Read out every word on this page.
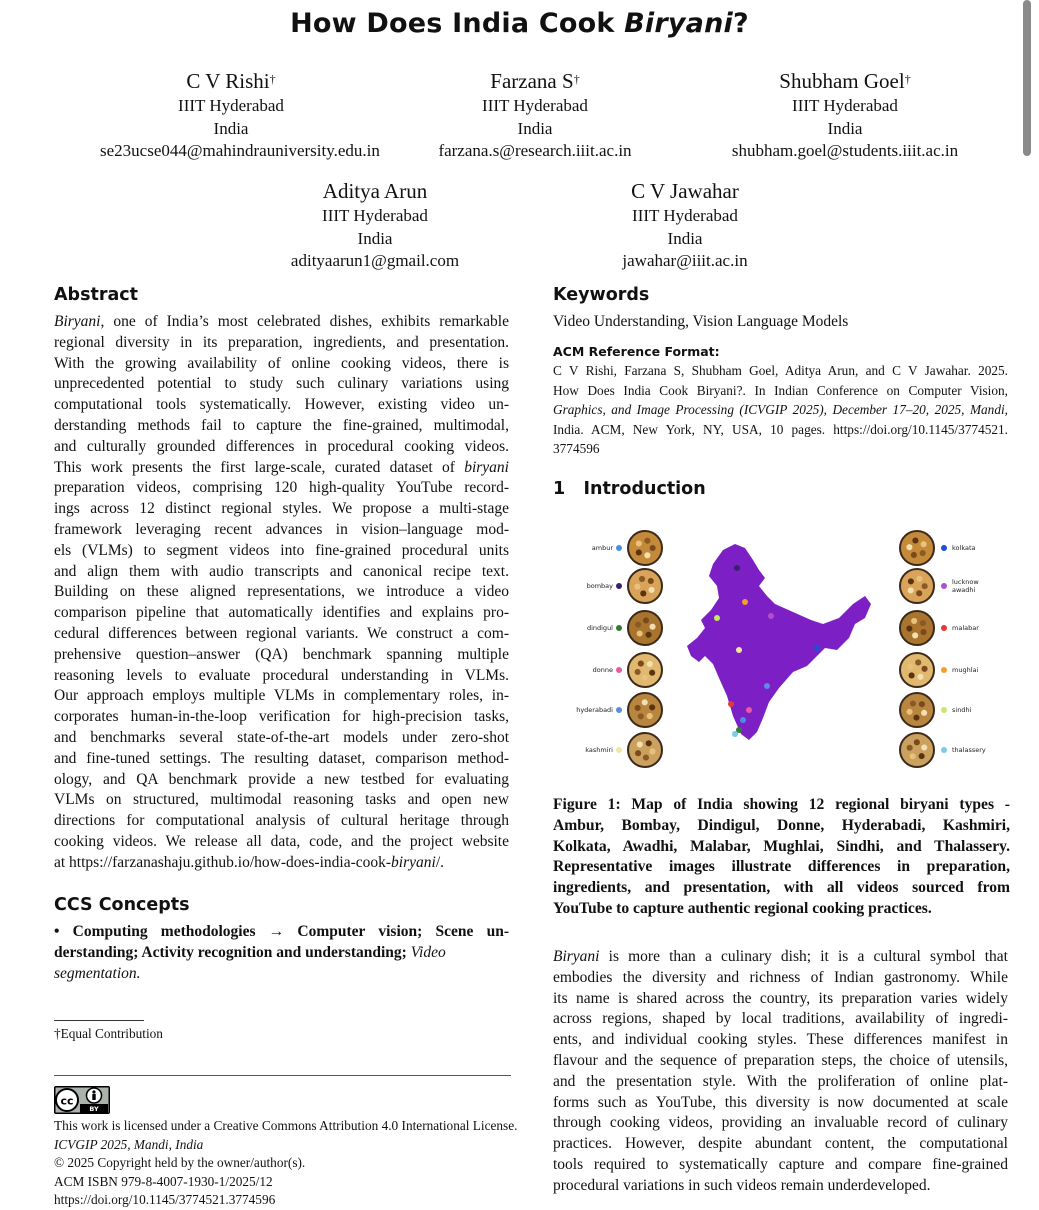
How Does India Cook Biryani?
C V Rishi†
IIIT Hyderabad
India
se23ucse044@mahindrauniversity.edu.in
Farzana S†
IIIT Hyderabad
India
farzana.s@research.iiit.ac.in
Shubham Goel†
IIIT Hyderabad
India
shubham.goel@students.iiit.ac.in
Aditya Arun
IIIT Hyderabad
India
adityaarun1@gmail.com
C V Jawahar
IIIT Hyderabad
India
jawahar@iiit.ac.in
Abstract
Biryani, one of India’s most celebrated dishes, exhibits remarkable
regional diversity in its preparation, ingredients, and presentation.
With the growing availability of online cooking videos, there is
unprecedented potential to study such culinary variations using
computational tools systematically. However, existing video un-
derstanding methods fail to capture the fine-grained, multimodal,
and culturally grounded differences in procedural cooking videos.
This work presents the first large-scale, curated dataset of biryani
preparation videos, comprising 120 high-quality YouTube record-
ings across 12 distinct regional styles. We propose a multi-stage
framework leveraging recent advances in vision–language mod-
els (VLMs) to segment videos into fine-grained procedural units
and align them with audio transcripts and canonical recipe text.
Building on these aligned representations, we introduce a video
comparison pipeline that automatically identifies and explains pro-
cedural differences between regional variants. We construct a com-
prehensive question–answer (QA) benchmark spanning multiple
reasoning levels to evaluate procedural understanding in VLMs.
Our approach employs multiple VLMs in complementary roles, in-
corporates human-in-the-loop verification for high-precision tasks,
and benchmarks several state-of-the-art models under zero-shot
and fine-tuned settings. The resulting dataset, comparison method-
ology, and QA benchmark provide a new testbed for evaluating
VLMs on structured, multimodal reasoning tasks and open new
directions for computational analysis of cultural heritage through
cooking videos. We release all data, code, and the project website
at https://farzanashaju.github.io/how-does-india-cook-biryani/.
CCS Concepts
• Computing methodologies → Computer vision; Scene un-
derstanding; Activity recognition and understanding; Video
segmentation.
†Equal Contribution
cc
BY
This work is licensed under a Creative Commons Attribution 4.0 International License.
ICVGIP 2025, Mandi, India
© 2025 Copyright held by the owner/author(s).
ACM ISBN 979-8-4007-1930-1/2025/12
https://doi.org/10.1145/3774521.3774596
Keywords
Video Understanding, Vision Language Models
ACM Reference Format:
C V Rishi, Farzana S, Shubham Goel, Aditya Arun, and C V Jawahar. 2025.
How Does India Cook Biryani?. In Indian Conference on Computer Vision,
Graphics, and Image Processing (ICVGIP 2025), December 17–20, 2025, Mandi,
India. ACM, New York, NY, USA, 10 pages. https://doi.org/10.1145/3774521.
3774596
1 Introduction
ambur
bombay
dindigul
donne
hyderabadi
kashmiri
kolkata
lucknow awadhi
malabar
mughlai
sindhi
thalassery
Figure 1: Map of India showing 12 regional biryani types -
Ambur, Bombay, Dindigul, Donne, Hyderabadi, Kashmiri,
Kolkata, Awadhi, Malabar, Mughlai, Sindhi, and Thalassery.
Representative images illustrate differences in preparation,
ingredients, and presentation, with all videos sourced from
YouTube to capture authentic regional cooking practices.
Biryani is more than a culinary dish; it is a cultural symbol that
embodies the diversity and richness of Indian gastronomy. While
its name is shared across the country, its preparation varies widely
across regions, shaped by local traditions, availability of ingredi-
ents, and individual cooking styles. These differences manifest in
flavour and the sequence of preparation steps, the choice of utensils,
and the presentation style. With the proliferation of online plat-
forms such as YouTube, this diversity is now documented at scale
through cooking videos, providing an invaluable record of culinary
practices. However, despite abundant content, the computational
tools required to systematically capture and compare fine-grained
procedural variations in such videos remain underdeveloped.
